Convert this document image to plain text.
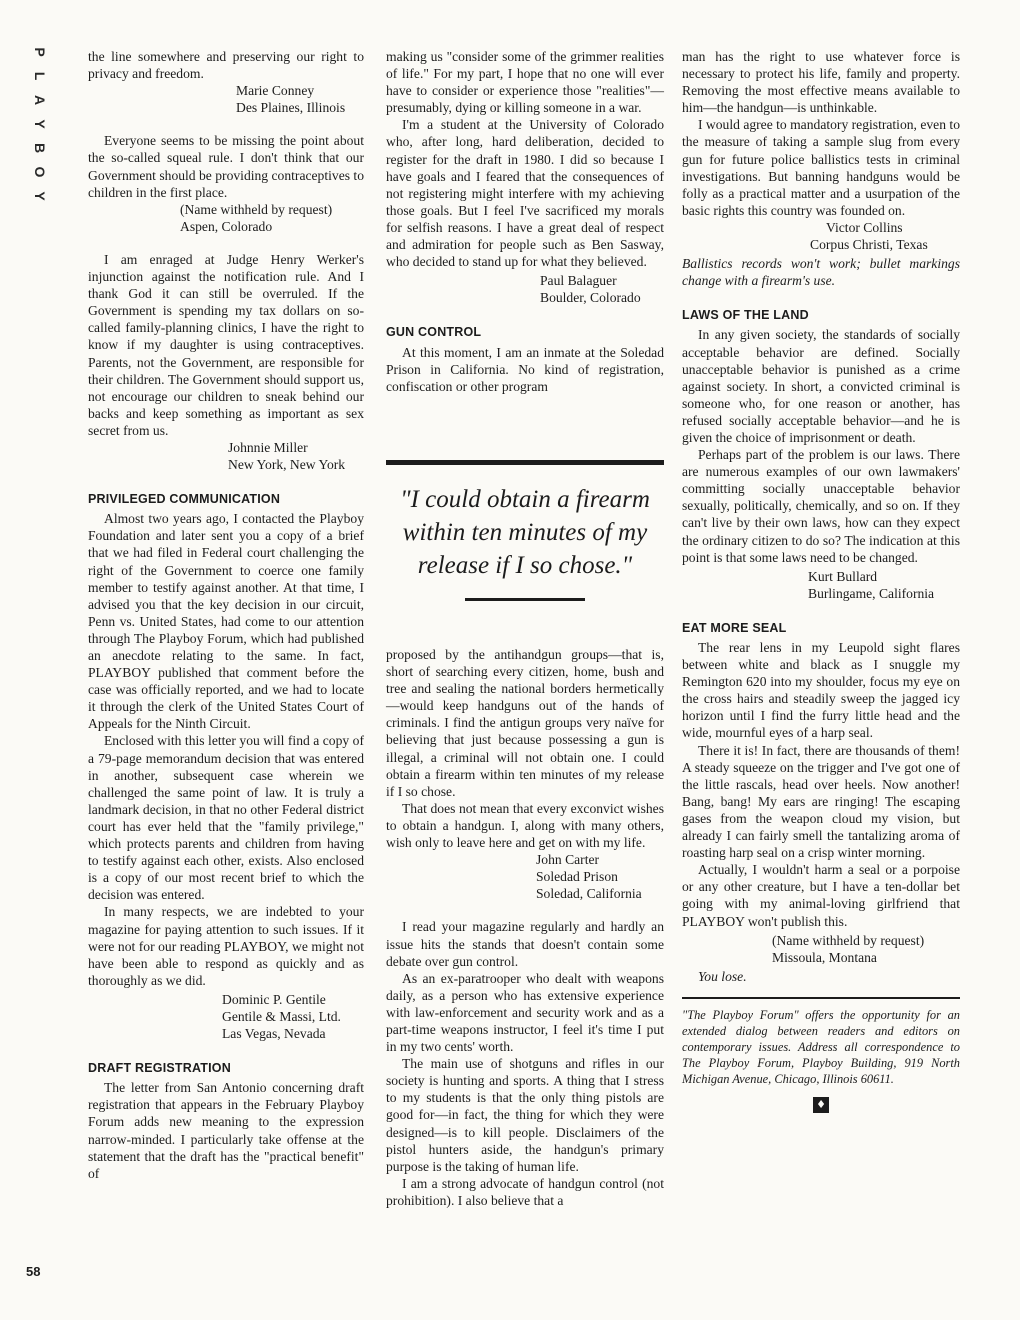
P
L
A
Y
B
O
Y
58

the line somewhere and preserving our right to privacy and freedom.

Marie Conney
Des Plaines, Illinois

Everyone seems to be missing the point about the so-called squeal rule. I don't think that our Government should be providing contraceptives to children in the first place.

(Name withheld by request)
Aspen, Colorado

I am enraged at Judge Henry Werker's injunction against the notification rule. And I thank God it can still be overruled. If the Government is spending my tax dollars on so-called family-planning clinics, I have the right to know if my daughter is using contraceptives. Parents, not the Government, are responsible for their children. The Government should support us, not encourage our children to sneak behind our backs and keep something as important as sex secret from us.

Johnnie Miller
New York, New York
PRIVILEGED COMMUNICATION

Almost two years ago, I contacted the Playboy Foundation and later sent you a copy of a brief that we had filed in Federal court challenging the right of the Government to coerce one family member to testify against another. At that time, I advised you that the key decision in our circuit, Penn vs. United States, had come to our attention through The Playboy Forum, which had published an anecdote relating to the same. In fact, PLAYBOY published that comment before the case was officially reported, and we had to locate it through the clerk of the United States Court of Appeals for the Ninth Circuit.

Enclosed with this letter you will find a copy of a 79-page memorandum decision that was entered in another, subsequent case wherein we challenged the same point of law. It is truly a landmark decision, in that no other Federal district court has ever held that the "family privilege," which protects parents and children from having to testify against each other, exists. Also enclosed is a copy of our most recent brief to which the decision was entered.

In many respects, we are indebted to your magazine for paying attention to such issues. If it were not for our reading PLAYBOY, we might not have been able to respond as quickly and as thoroughly as we did.

Dominic P. Gentile
Gentile & Massi, Ltd.
Las Vegas, Nevada
DRAFT REGISTRATION

The letter from San Antonio concerning draft registration that appears in the February Playboy Forum adds new meaning to the expression narrow-minded. I particularly take offense at the statement that the draft has the "practical benefit" of

making us "consider some of the grimmer realities of life." For my part, I hope that no one will ever have to consider or experience those "realities"—presumably, dying or killing someone in a war.

I'm a student at the University of Colorado who, after long, hard deliberation, decided to register for the draft in 1980. I did so because I have goals and I feared that the consequences of not registering might interfere with my achieving those goals. But I feel I've sacrificed my morals for selfish reasons. I have a great deal of respect and admiration for people such as Ben Sasway, who decided to stand up for what they believed.

Paul Balaguer
Boulder, Colorado
GUN CONTROL

At this moment, I am an inmate at the Soledad Prison in California. No kind of registration, confiscation or other program

"I could obtain a firearm within ten minutes of my release if I so chose."

proposed by the antihandgun groups—that is, short of searching every citizen, home, bush and tree and sealing the national borders hermetically—would keep handguns out of the hands of criminals. I find the antigun groups very naïve for believing that just because possessing a gun is illegal, a criminal will not obtain one. I could obtain a firearm within ten minutes of my release if I so chose.

That does not mean that every exconvict wishes to obtain a handgun. I, along with many others, wish only to leave here and get on with my life.

John Carter
Soledad Prison
Soledad, California

I read your magazine regularly and hardly an issue hits the stands that doesn't contain some debate over gun control.

As an ex-paratrooper who dealt with weapons daily, as a person who has extensive experience with law-enforcement and security work and as a part-time weapons instructor, I feel it's time I put in my two cents' worth.

The main use of shotguns and rifles in our society is hunting and sports. A thing that I stress to my students is that the only thing pistols are good for—in fact, the thing for which they were designed—is to kill people. Disclaimers of the pistol hunters aside, the handgun's primary purpose is the taking of human life.

I am a strong advocate of handgun control (not prohibition). I also believe that a

man has the right to use whatever force is necessary to protect his life, family and property. Removing the most effective means available to him—the handgun—is unthinkable.

I would agree to mandatory registration, even to the measure of taking a sample slug from every gun for future police ballistics tests in criminal investigations. But banning handguns would be folly as a practical matter and a usurpation of the basic rights this country was founded on.

Victor Collins
Corpus Christi, Texas

Ballistics records won't work; bullet markings change with a firearm's use.

LAWS OF THE LAND

In any given society, the standards of socially acceptable behavior are defined. Socially unacceptable behavior is punished as a crime against society. In short, a convicted criminal is someone who, for one reason or another, has refused socially acceptable behavior—and he is given the choice of imprisonment or death.

Perhaps part of the problem is our laws. There are numerous examples of our own lawmakers' committing socially unacceptable behavior sexually, politically, chemically, and so on. If they can't live by their own laws, how can they expect the ordinary citizen to do so? The indication at this point is that some laws need to be changed.

Kurt Bullard
Burlingame, California
EAT MORE SEAL

The rear lens in my Leupold sight flares between white and black as I snuggle my Remington 620 into my shoulder, focus my eye on the cross hairs and steadily sweep the jagged icy horizon until I find the furry little head and the wide, mournful eyes of a harp seal.

There it is! In fact, there are thousands of them! A steady squeeze on the trigger and I've got one of the little rascals, head over heels. Now another! Bang, bang! My ears are ringing! The escaping gases from the weapon cloud my vision, but already I can fairly smell the tantalizing aroma of roasting harp seal on a crisp winter morning.

Actually, I wouldn't harm a seal or a porpoise or any other creature, but I have a ten-dollar bet going with my animal-loving girlfriend that PLAYBOY won't publish this.

(Name withheld by request)
Missoula, Montana

You lose.

"The Playboy Forum" offers the opportunity for an extended dialog between readers and editors on contemporary issues. Address all correspondence to The Playboy Forum, Playboy Building, 919 North Michigan Avenue, Chicago, Illinois 60611.
♦
